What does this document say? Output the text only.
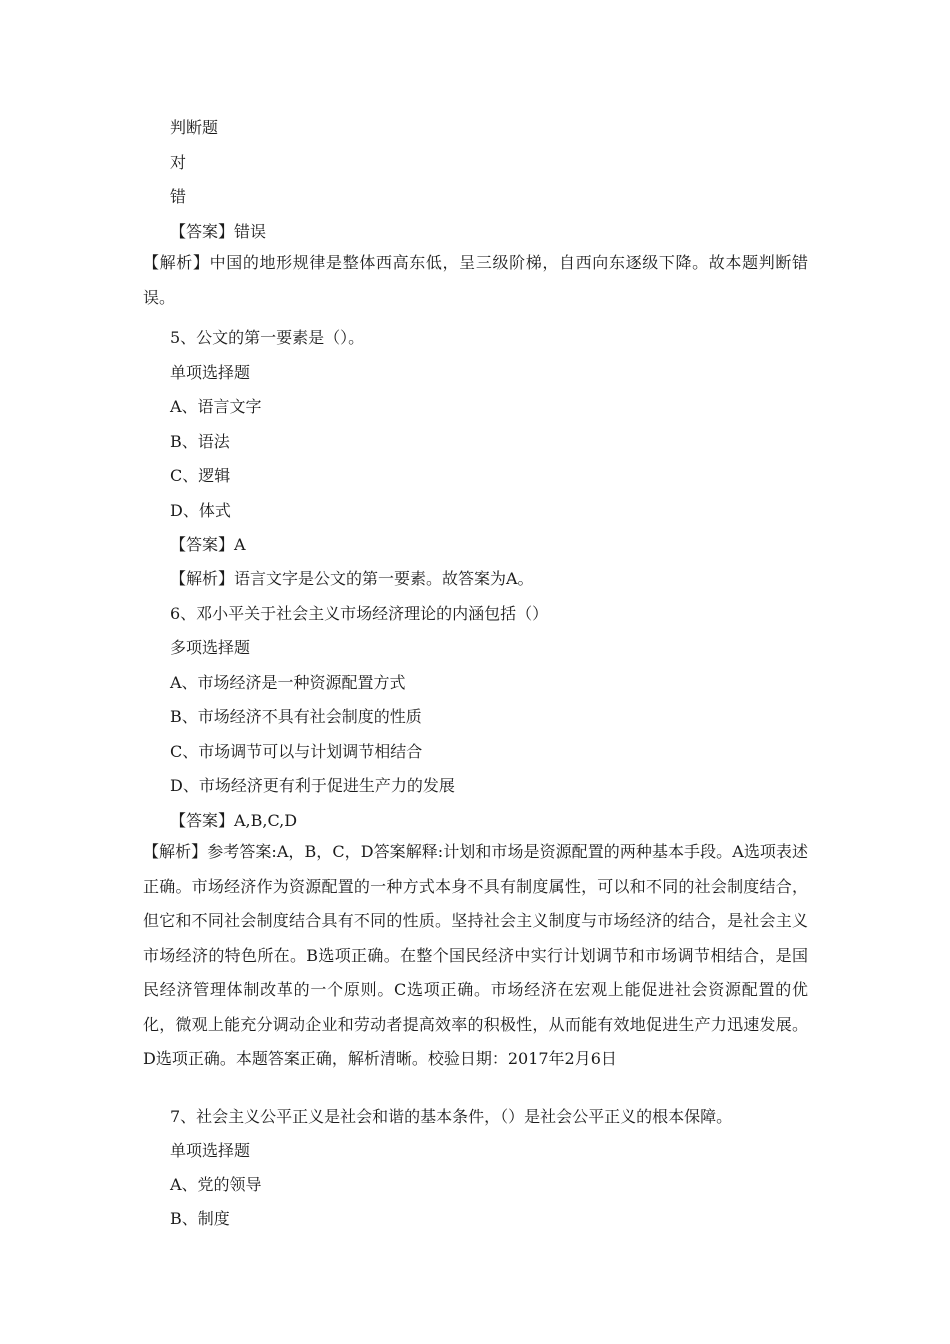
判断题

对

错

【答案】错误

【解析】中国的地形规律是整体西高东低，呈三级阶梯，自西向东逐级下降。故本题判断错误。

5、公文的第一要素是（）。

单项选择题

A、语言文字

B、语法

C、逻辑

D、体式

【答案】A

【解析】语言文字是公文的第一要素。故答案为A。

6、邓小平关于社会主义市场经济理论的内涵包括（）

多项选择题

A、市场经济是一种资源配置方式

B、市场经济不具有社会制度的性质

C、市场调节可以与计划调节相结合

D、市场经济更有利于促进生产力的发展

【答案】A,B,C,D

【解析】参考答案:A，B，C，D答案解释:计划和市场是资源配置的两种基本手段。A选项表述正确。市场经济作为资源配置的一种方式本身不具有制度属性，可以和不同的社会制度结合，但它和不同社会制度结合具有不同的性质。坚持社会主义制度与市场经济的结合，是社会主义市场经济的特色所在。B选项正确。在整个国民经济中实行计划调节和市场调节相结合，是国民经济管理体制改革的一个原则。C选项正确。市场经济在宏观上能促进社会资源配置的优化，微观上能充分调动企业和劳动者提高效率的积极性，从而能有效地促进生产力迅速发展。D选项正确。本题答案正确，解析清晰。校验日期：2017年2月6日

7、社会主义公平正义是社会和谐的基本条件，（）是社会公平正义的根本保障。

单项选择题

A、党的领导

B、制度
